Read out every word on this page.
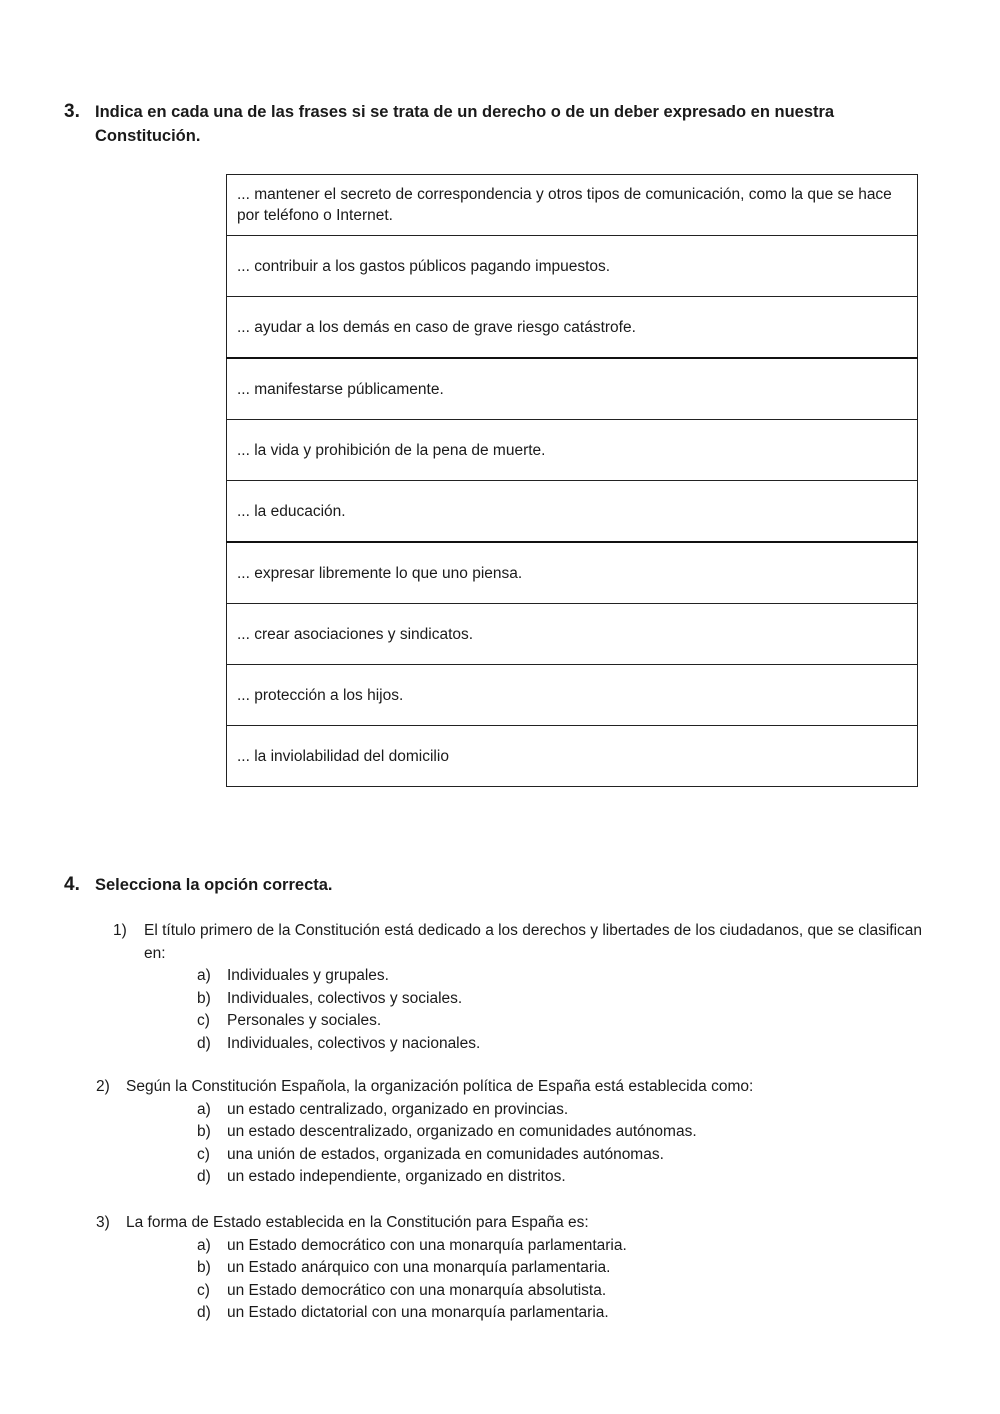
3. Indica en cada una de las frases si se trata de un derecho o de un deber expresado en nuestra Constitución.
... mantener el secreto de correspondencia y otros tipos de comunicación, como la que se hace por teléfono o Internet.
... contribuir a los gastos públicos pagando impuestos.
... ayudar a los demás en caso de grave riesgo catástrofe.
... manifestarse públicamente.
... la vida y prohibición de la pena de muerte.
... la educación.
... expresar libremente lo que uno piensa.
... crear asociaciones y sindicatos.
... protección a los hijos.
... la inviolabilidad del domicilio
4. Selecciona la opción correcta.
1) El título primero de la Constitución está dedicado a los derechos y libertades de los ciudadanos, que se clasifican en:
a) Individuales y grupales.
b) Individuales, colectivos y sociales.
c) Personales y sociales.
d) Individuales, colectivos y nacionales.
2) Según la Constitución Española, la organización política de España está establecida como:
a) un estado centralizado, organizado en provincias.
b) un estado descentralizado, organizado en comunidades autónomas.
c) una unión de estados, organizada en comunidades autónomas.
d) un estado independiente, organizado en distritos.
3) La forma de Estado establecida en la Constitución para España es:
a) un Estado democrático con una monarquía parlamentaria.
b) un Estado anárquico con una monarquía parlamentaria.
c) un Estado democrático con una monarquía absolutista.
d) un Estado dictatorial con una monarquía parlamentaria.
